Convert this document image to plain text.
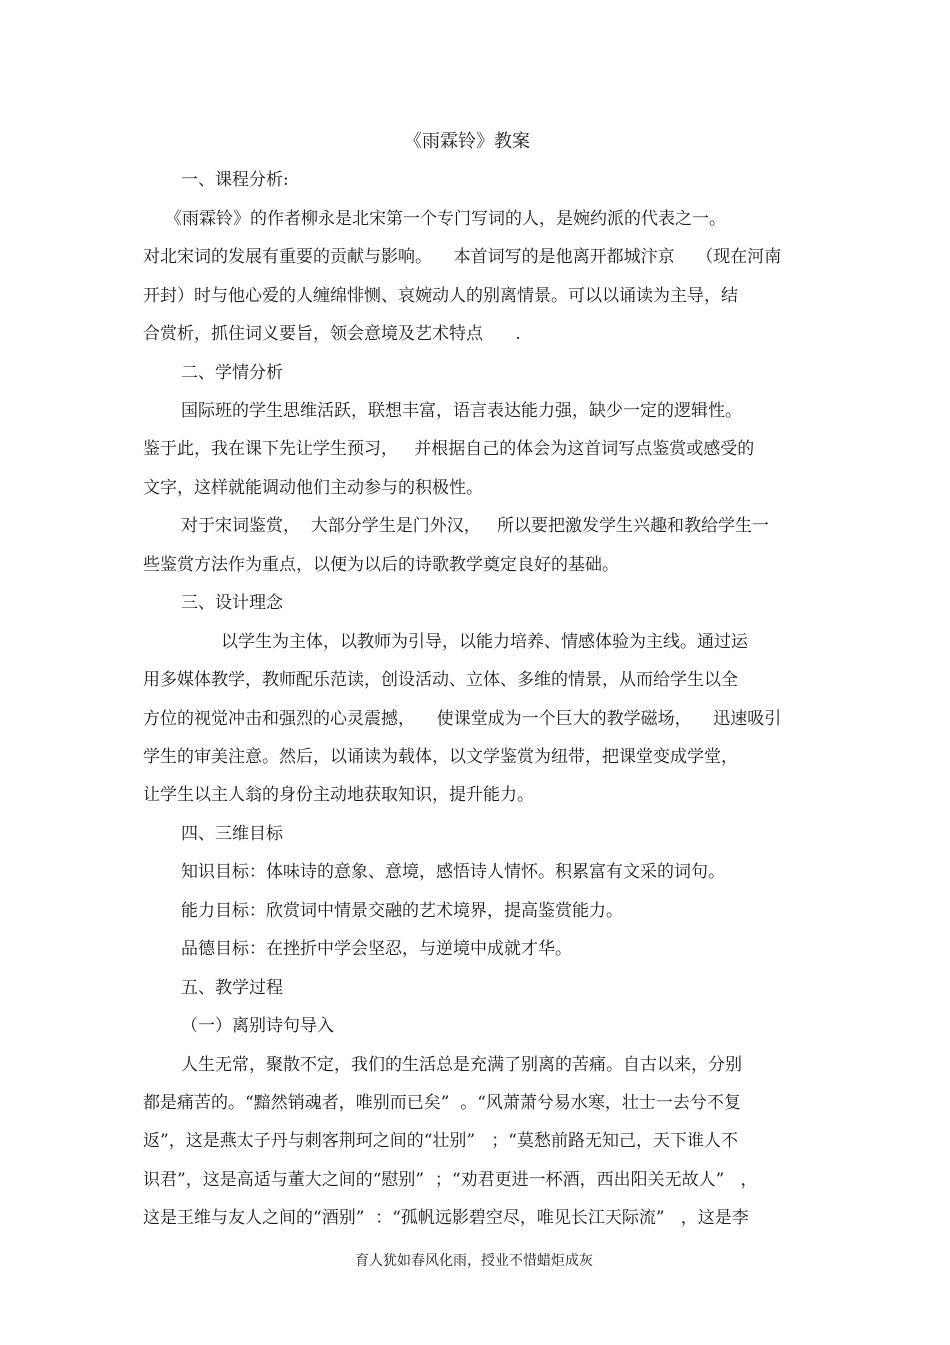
《雨霖铃》教案
一、课程分析:
《雨霖铃》的作者柳永是北宋第一个专门写词的人，是婉约派的代表之一。
对北宋词的发展有重要的贡献与影响。    本首词写的是他离开都城汴京    （现在河南
开封）时与他心爱的人缠绵悱恻、哀婉动人的别离情景。可以以诵读为主导，结
合赏析，抓住词义要旨，领会意境及艺术特点      .
二、学情分析
国际班的学生思维活跃，联想丰富，语言表达能力强，缺少一定的逻辑性。
鉴于此，我在课下先让学生预习，   并根据自己的体会为这首词写点鉴赏或感受的
文字，这样就能调动他们主动参与的积极性。
对于宋词鉴赏，  大部分学生是门外汉，   所以要把激发学生兴趣和教给学生一
些鉴赏方法作为重点，以便为以后的诗歌教学奠定良好的基础。
三、设计理念
以学生为主体，以教师为引导，以能力培养、情感体验为主线。通过运
用多媒体教学，教师配乐范读，创设活动、立体、多维的情景，从而给学生以全
方位的视觉冲击和强烈的心灵震撼，    使课堂成为一个巨大的教学磁场，    迅速吸引
学生的审美注意。然后，以诵读为载体，以文学鉴赏为纽带，把课堂变成学堂，
让学生以主人翁的身份主动地获取知识，提升能力。
四、三维目标
知识目标：体味诗的意象、意境，感悟诗人情怀。积累富有文采的词句。
能力目标：欣赏词中情景交融的艺术境界，提高鉴赏能力。
品德目标：在挫折中学会坚忍，与逆境中成就才华。
五、教学过程
（一）离别诗句导入
人生无常，聚散不定，我们的生活总是充满了别离的苦痛。自古以来，分别
都是痛苦的。“黯然销魂者，唯别而已矣”  。“风萧萧兮易水寒，壮士一去兮不复
返”，这是燕太子丹与刺客荆珂之间的“壮别”   ；“莫愁前路无知己，天下谁人不
识君”，这是高适与董大之间的“慰别”  ；“劝君更进一杯酒，西出阳关无故人”   ，
这是王维与友人之间的“酒别”  ：“孤帆远影碧空尽，唯见长江天际流”   ，这是李
育人犹如春风化雨，授业不惜蜡炬成灰
